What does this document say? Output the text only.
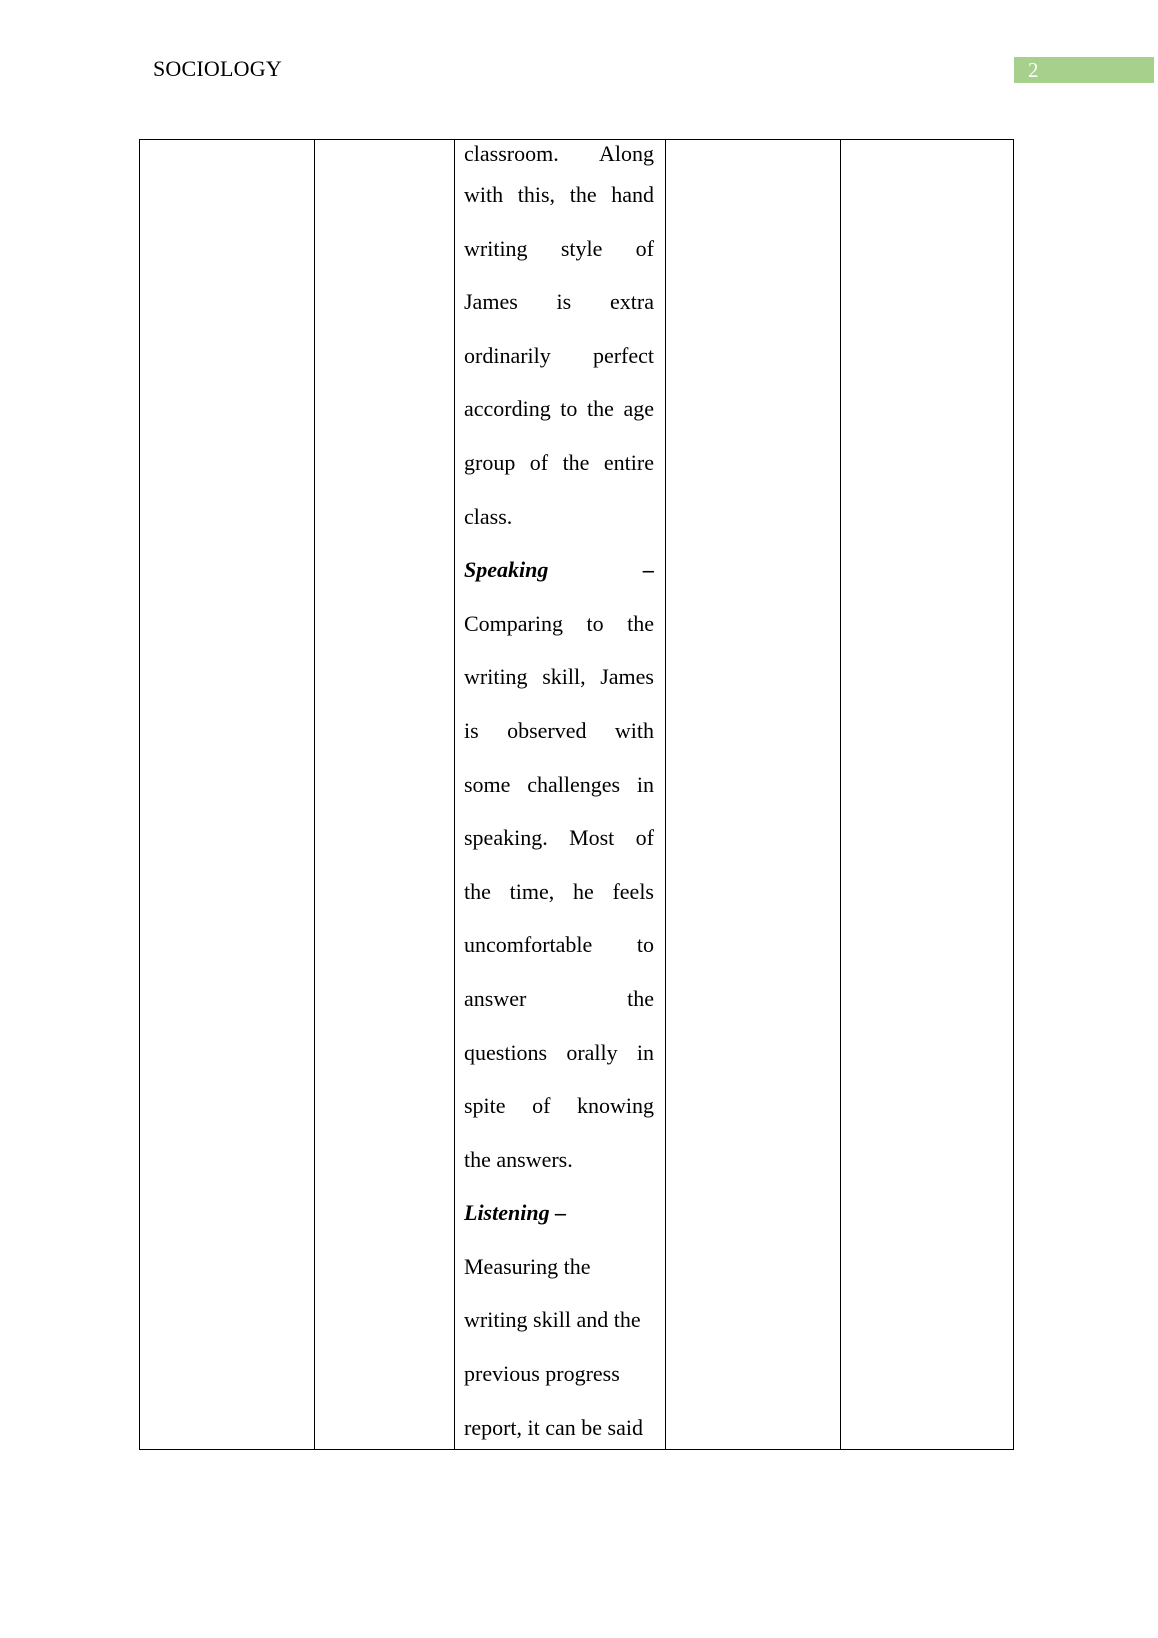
SOCIOLOGY	2
classroom. Along
with this, the hand
writing style of
James is extra
ordinarily perfect
according to the age
group of the entire
class.
Speaking	–
Comparing to the
writing skill, James
is observed with
some challenges in
speaking. Most of
the time, he feels
uncomfortable to
answer	the
questions orally in
spite of knowing
the answers.
Listening –
Measuring the
writing skill and the
previous progress
report, it can be said
